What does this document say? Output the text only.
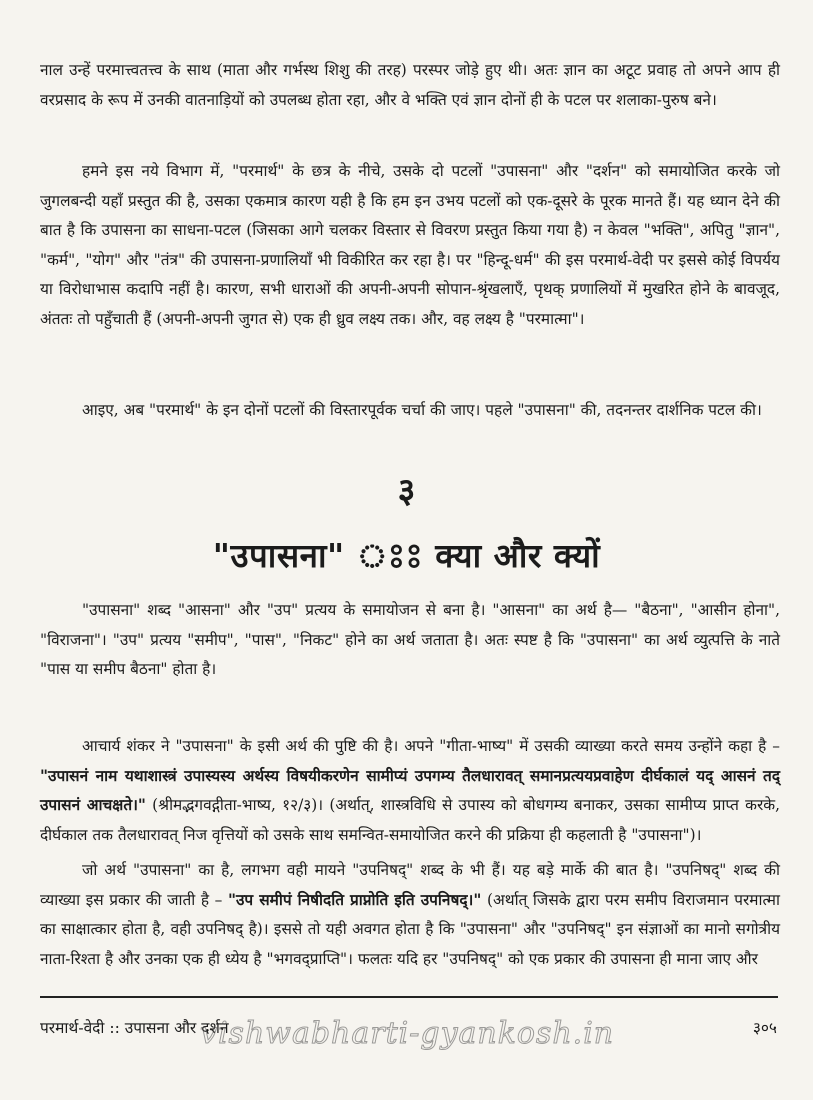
नाल उन्हें परमात्त्वतत्त्व के साथ (माता और गर्भस्थ शिशु की तरह) परस्पर जोड़े हुए थी। अतः ज्ञान का अटूट प्रवाह तो अपने आप ही वरप्रसाद के रूप में उनकी वातनाड़ियों को उपलब्ध होता रहा, और वे भक्ति एवं ज्ञान दोनों ही के पटल पर शलाका-पुरुष बने।

हमने इस नये विभाग में, "परमार्थ" के छत्र के नीचे, उसके दो पटलों "उपासना" और "दर्शन" को समायोजित करके जो जुगलबन्दी यहाँ प्रस्तुत की है, उसका एकमात्र कारण यही है कि हम इन उभय पटलों को एक-दूसरे के पूरक मानते हैं। यह ध्यान देने की बात है कि उपासना का साधना-पटल (जिसका आगे चलकर विस्तार से विवरण प्रस्तुत किया गया है) न केवल "भक्ति", अपितु "ज्ञान", "कर्म", "योग" और "तंत्र" की उपासना-प्रणालियाँ भी विकीरित कर रहा है। पर "हिन्दू-धर्म" की इस परमार्थ-वेदी पर इससे कोई विपर्यय या विरोधाभास कदापि नहीं है। कारण, सभी धाराओं की अपनी-अपनी सोपान-श्रृंखलाएँ, पृथक् प्रणालियों में मुखरित होने के बावजूद, अंततः तो पहुँचाती हैं (अपनी-अपनी जुगत से) एक ही ध्रुव लक्ष्य तक। और, वह लक्ष्य है "परमात्मा"।

आइए, अब "परमार्थ" के इन दोनों पटलों की विस्तारपूर्वक चर्चा की जाए। पहले "उपासना" की, तदनन्तर दार्शनिक पटल की।

३
"उपासना" ঃঃ क्या और क्यों

"उपासना" शब्द "आसना" और "उप" प्रत्यय के समायोजन से बना है। "आसना" का अर्थ है— "बैठना", "आसीन होना", "विराजना"। "उप" प्रत्यय "समीप", "पास", "निकट" होने का अर्थ जताता है। अतः स्पष्ट है कि "उपासना" का अर्थ व्युत्पत्ति के नाते "पास या समीप बैठना" होता है।

आचार्य शंकर ने "उपासना" के इसी अर्थ की पुष्टि की है। अपने "गीता-भाष्य" में उसकी व्याख्या करते समय उन्होंने कहा है – "उपासनं नाम यथाशास्त्रं उपास्यस्य अर्थस्य विषयीकरणेन सामीप्यं उपगम्य तैलधारावत् समानप्रत्ययप्रवाहेण दीर्घकालं यद् आसनं तद् उपासनं आचक्षते।" (श्रीमद्भगवद्गीता-भाष्य, १२/३)। (अर्थात्, शास्त्रविधि से उपास्य को बोधगम्य बनाकर, उसका सामीप्य प्राप्त करके, दीर्घकाल तक तैलधारावत् निज वृत्तियों को उसके साथ समन्वित-समायोजित करने की प्रक्रिया ही कहलाती है "उपासना")।

जो अर्थ "उपासना" का है, लगभग वही मायने "उपनिषद्" शब्द के भी हैं। यह बड़े मार्के की बात है। "उपनिषद्" शब्द की व्याख्या इस प्रकार की जाती है – "उप समीपं निषीदति प्राप्नोति इति उपनिषद्।" (अर्थात् जिसके द्वारा परम समीप विराजमान परमात्मा का साक्षात्कार होता है, वही उपनिषद् है)। इससे तो यही अवगत होता है कि "उपासना" और "उपनिषद्" इन संज्ञाओं का मानो सगोत्रीय नाता-रिश्ता है और उनका एक ही ध्येय है "भगवद्प्राप्ति"। फलतः यदि हर "उपनिषद्" को एक प्रकार की उपासना ही माना जाए और

परमार्थ-वेदी :: उपासना और दर्शन
vishwabharti-gyankosh.in	३०५
